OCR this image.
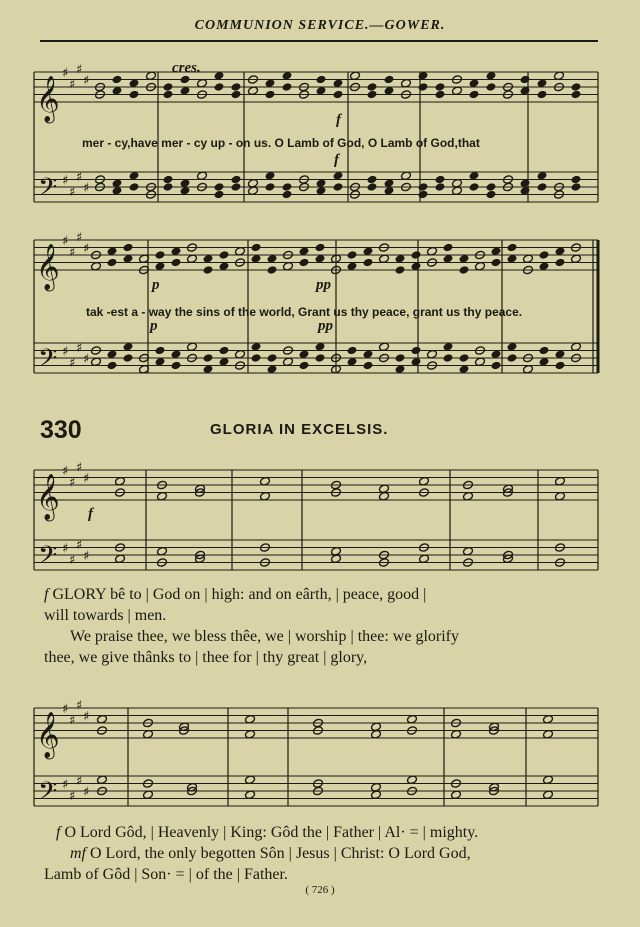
COMMUNION SERVICE.—GOWER.
𝄞
𝄢
♯
♯
♯
♯
♯
♯
♯
♯
𝄞
𝄢
♯
♯
♯
♯
♯
♯
♯
♯
𝄞
𝄢
♯
♯
♯
♯
♯
♯
♯
♯
𝄞
𝄢
♯
♯
♯
♯
♯
♯
♯
♯
cres.
f
f
mer - cy,have mer - cy up - on us. O Lamb of God, O Lamb of God,that
p	pp
p	pp
tak -est a - way the sins of the world, Grant us thy peace, grant us thy peace.
330	GLORIA IN EXCELSIS.
f
f GLORY bê to | God on | high: and on eârth, | peace, good |
will towards | men.
We praise thee, we bless thêe, we | worship | thee: we glorify
thee, we give thânks to | thee for | thy great | glory,
f O Lord Gôd, | Heavenly | King: Gôd the | Father | Al· = | mighty.
mf O Lord, the only begotten Sôn | Jesus | Christ: O Lord God,
Lamb of Gôd | Son· = | of the | Father.
( 726 )
